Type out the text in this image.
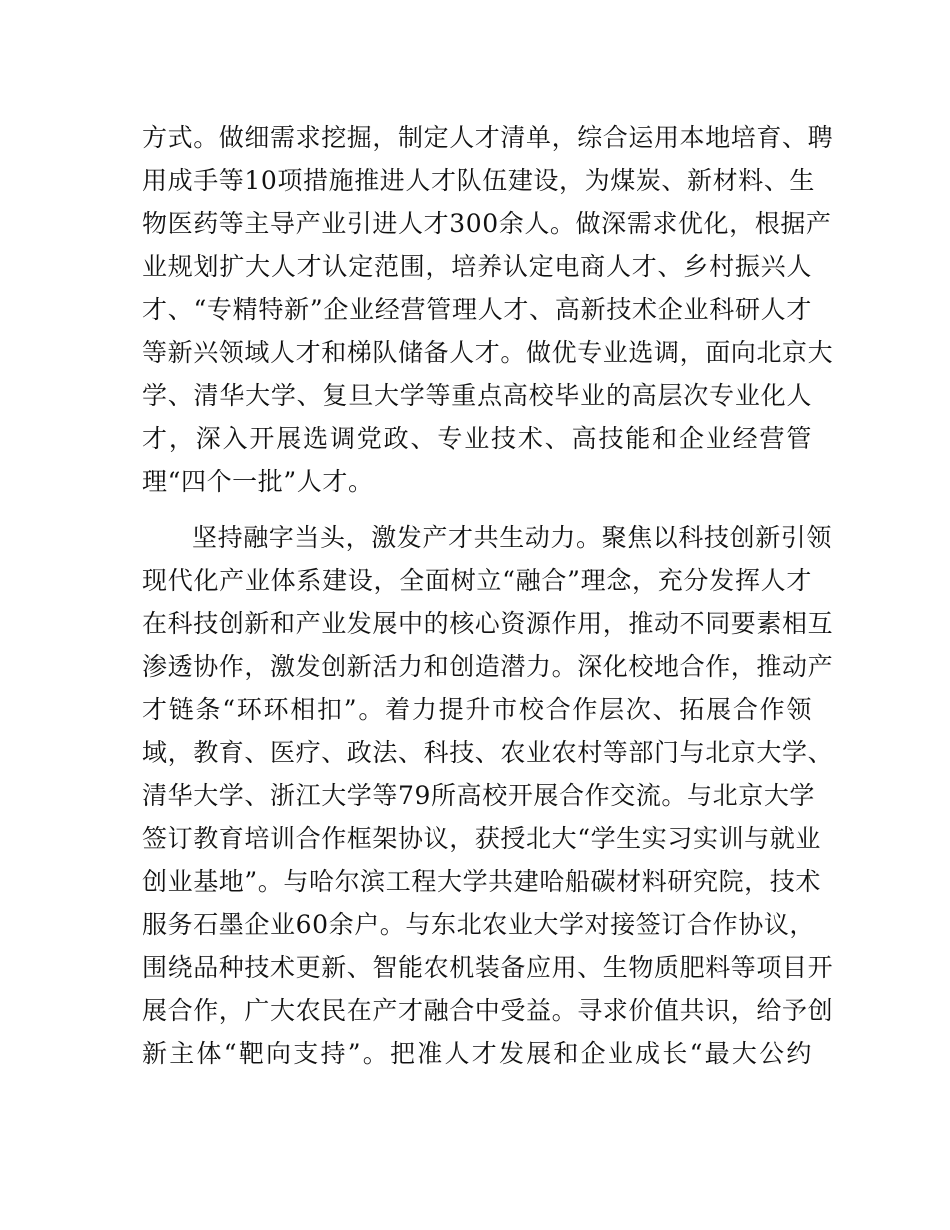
方式。做细需求挖掘，制定人才清单，综合运用本地培育、聘
用成手等10项措施推进人才队伍建设，为煤炭、新材料、生
物医药等主导产业引进人才300余人。做深需求优化，根据产
业规划扩大人才认定范围，培养认定电商人才、乡村振兴人
才、“专精特新”企业经营管理人才、高新技术企业科研人才
等新兴领域人才和梯队储备人才。做优专业选调，面向北京大
学、清华大学、复旦大学等重点高校毕业的高层次专业化人
才，深入开展选调党政、专业技术、高技能和企业经营管
理“四个一批”人才。
坚持融字当头，激发产才共生动力。聚焦以科技创新引领
现代化产业体系建设，全面树立“融合”理念，充分发挥人才
在科技创新和产业发展中的核心资源作用，推动不同要素相互
渗透协作，激发创新活力和创造潜力。深化校地合作，推动产
才链条“环环相扣”。着力提升市校合作层次、拓展合作领
域，教育、医疗、政法、科技、农业农村等部门与北京大学、
清华大学、浙江大学等79所高校开展合作交流。与北京大学
签订教育培训合作框架协议，获授北大“学生实习实训与就业
创业基地”。与哈尔滨工程大学共建哈船碳材料研究院，技术
服务石墨企业60余户。与东北农业大学对接签订合作协议，
围绕品种技术更新、智能农机装备应用、生物质肥料等项目开
展合作，广大农民在产才融合中受益。寻求价值共识，给予创
新主体“靶向支持”。把准人才发展和企业成长“最大公约
